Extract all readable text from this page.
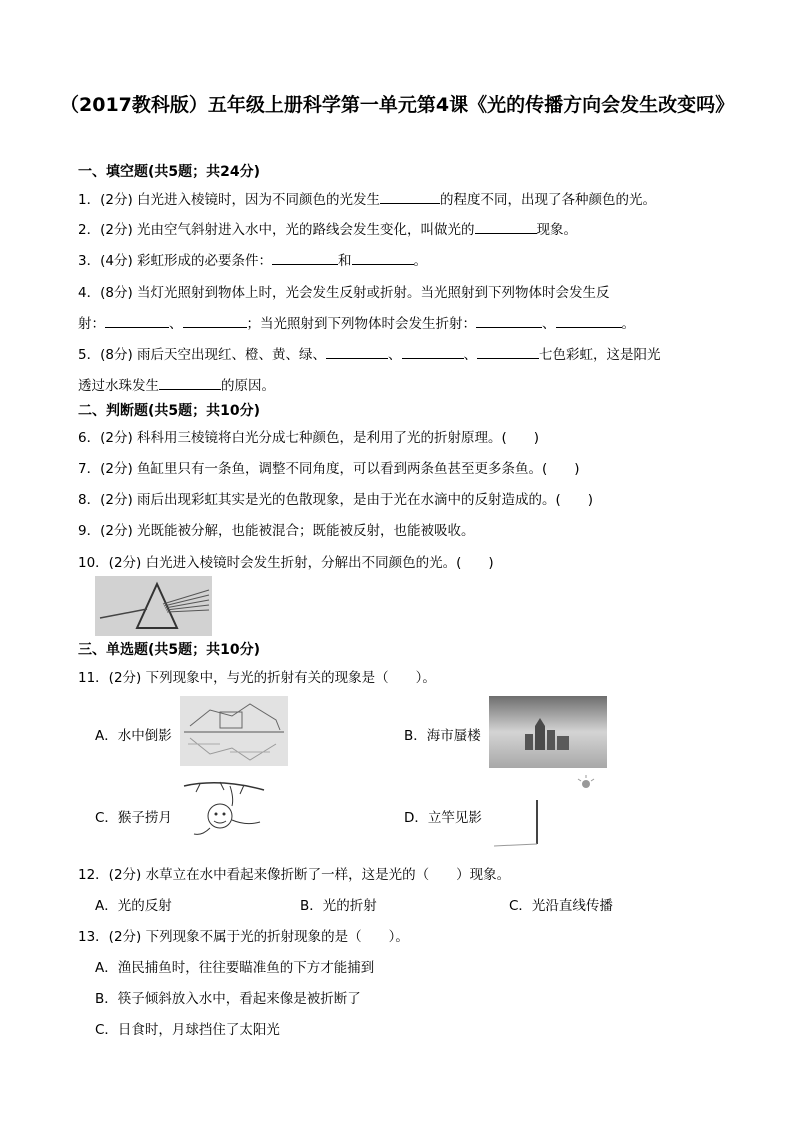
（2017教科版）五年级上册科学第一单元第4课《光的传播方向会发生改变吗》
一、填空题(共5题；共24分)
1．(2分) 白光进入棱镜时，因为不同颜色的光发生	的程度不同，出现了各种颜色的光。
2．(2分) 光由空气斜射进入水中，光的路线会发生变化，叫做光的	现象。
3．(4分) 彩虹形成的必要条件：	和	。
4．(8分) 当灯光照射到物体上时，光会发生反射或折射。当光照射到下列物体时会发生反
射：	、	；当光照射到下列物体时会发生折射：	、	。
5．(8分) 雨后天空出现红、橙、黄、绿、	、	、	七色彩虹，这是阳光
透过水珠发生	的原因。
二、判断题(共5题；共10分)
6．(2分) 科科用三棱镜将白光分成七种颜色，是利用了光的折射原理。(　　)
7．(2分) 鱼缸里只有一条鱼，调整不同角度，可以看到两条鱼甚至更多条鱼。(　　)
8．(2分) 雨后出现彩虹其实是光的色散现象，是由于光在水滴中的反射造成的。(　　)
9．(2分) 光既能被分解，也能被混合；既能被反射，也能被吸收。
10．(2分) 白光进入棱镜时会发生折射，分解出不同颜色的光。(　　)
三、单选题(共5题；共10分)
11．(2分) 下列现象中，与光的折射有关的现象是（　　）。
A．水中倒影	B．海市蜃楼
C．猴子捞月	D．立竿见影
12．(2分) 水草立在水中看起来像折断了一样，这是光的（　　）现象。
A．光的反射	B．光的折射	C．光沿直线传播
13．(2分) 下列现象不属于光的折射现象的是（　　）。
A．渔民捕鱼时，往往要瞄准鱼的下方才能捕到
B．筷子倾斜放入水中，看起来像是被折断了
C．日食时，月球挡住了太阳光
